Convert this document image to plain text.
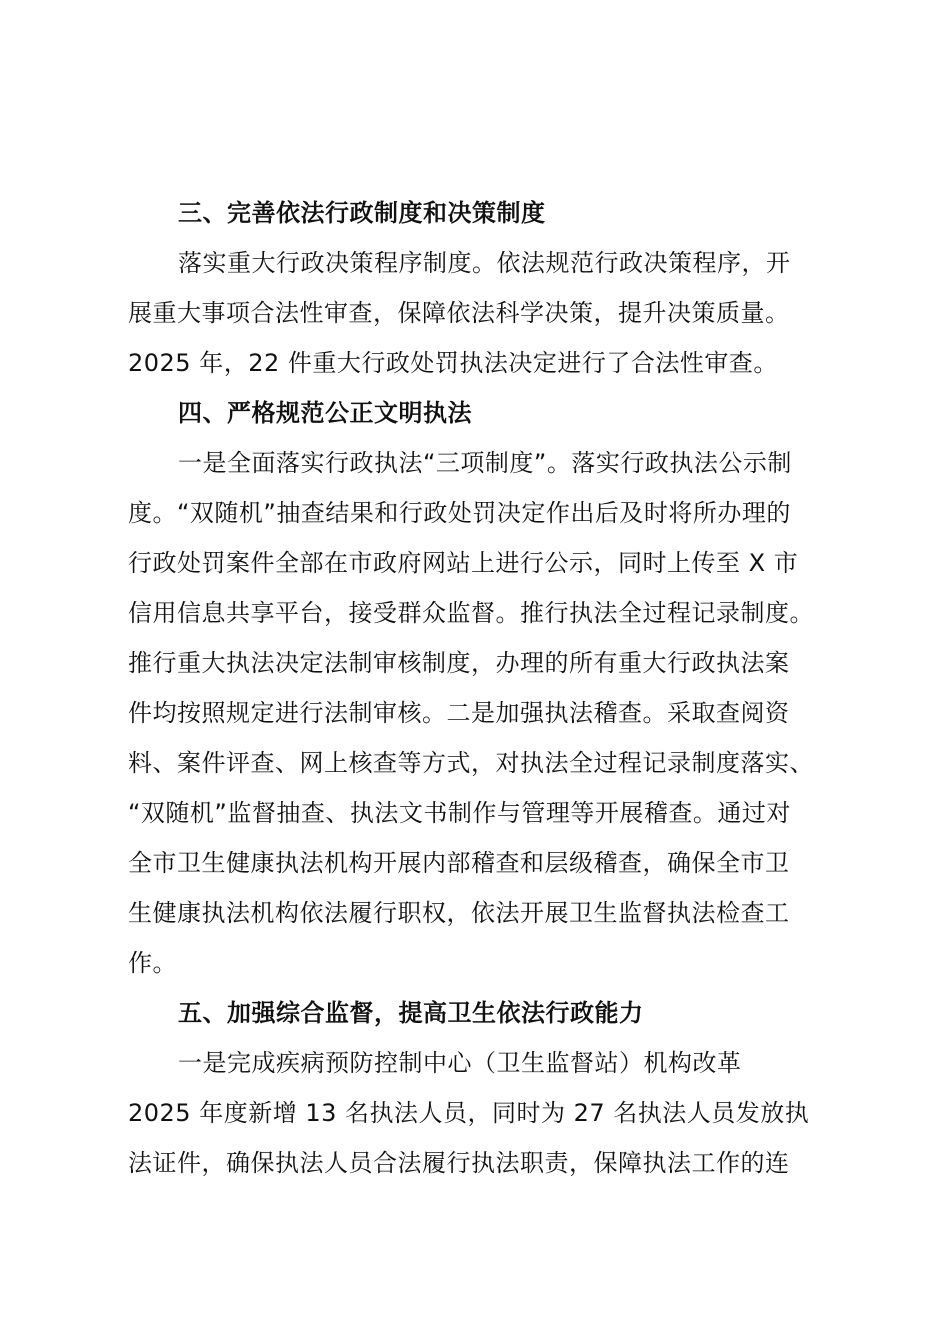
三、完善依法行政制度和决策制度
落实重大行政决策程序制度。依法规范行政决策程序，开
展重大事项合法性审查，保障依法科学决策，提升决策质量。
2025 年，22 件重大行政处罚执法决定进行了合法性审查。
四、严格规范公正文明执法
一是全面落实行政执法“三项制度”。落实行政执法公示制
度。“双随机”抽查结果和行政处罚决定作出后及时将所办理的
行政处罚案件全部在市政府网站上进行公示，同时上传至 X 市
信用信息共享平台，接受群众监督。推行执法全过程记录制度。
推行重大执法决定法制审核制度，办理的所有重大行政执法案
件均按照规定进行法制审核。二是加强执法稽查。采取查阅资
料、案件评查、网上核查等方式，对执法全过程记录制度落实、
“双随机”监督抽查、执法文书制作与管理等开展稽查。通过对
全市卫生健康执法机构开展内部稽查和层级稽查，确保全市卫
生健康执法机构依法履行职权，依法开展卫生监督执法检查工
作。
五、加强综合监督，提高卫生依法行政能力
一是完成疾病预防控制中心（卫生监督站）机构改革
2025 年度新增 13 名执法人员，同时为 27 名执法人员发放执
法证件，确保执法人员合法履行执法职责，保障执法工作的连
